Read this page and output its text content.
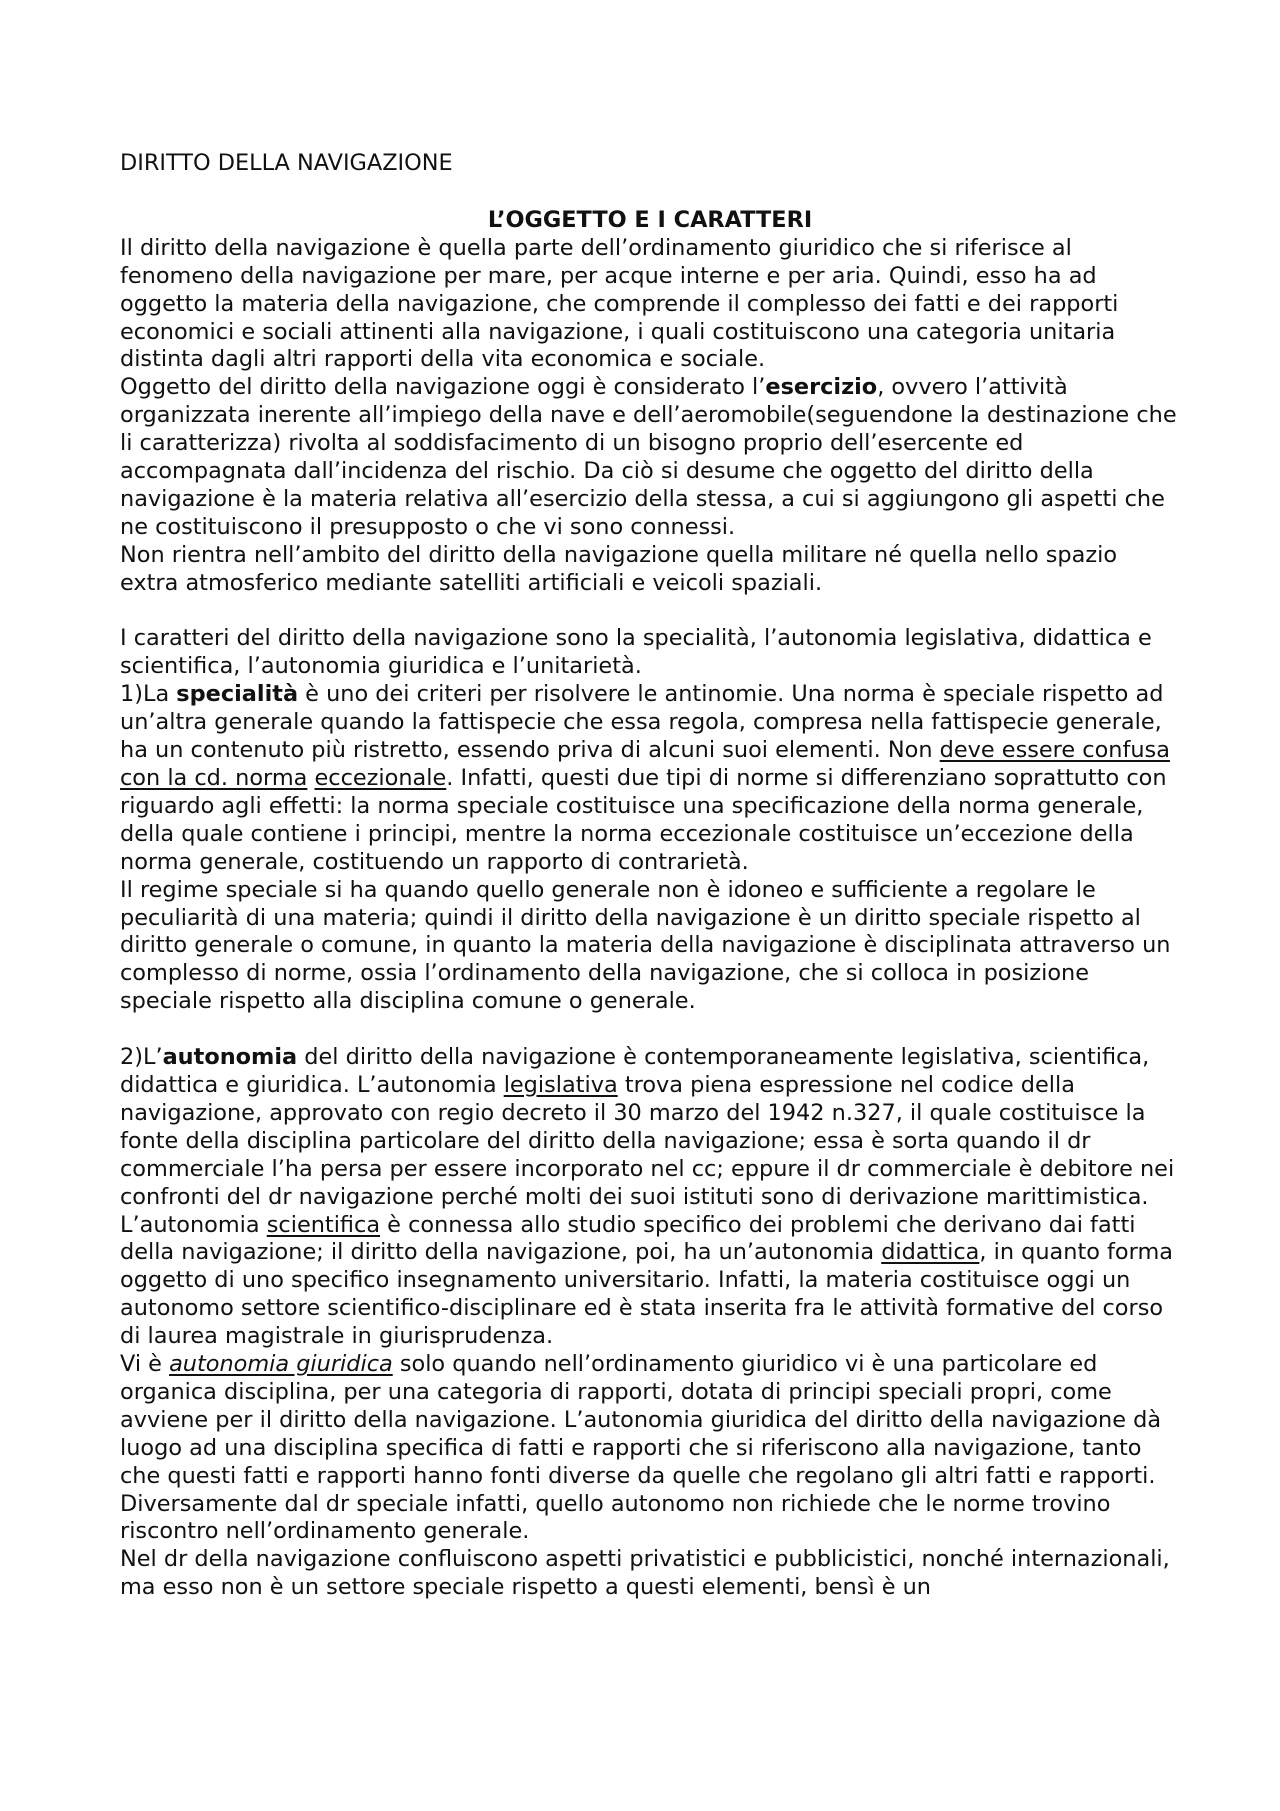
DIRITTO DELLA NAVIGAZIONE
L’OGGETTO E I CARATTERI

Il diritto della navigazione è quella parte dell’ordinamento giuridico che si riferisce al fenomeno della navigazione per mare, per acque interne e per aria. Quindi, esso ha ad oggetto la materia della navigazione, che comprende il complesso dei fatti e dei rapporti economici e sociali attinenti alla navigazione, i quali costituiscono una categoria unitaria distinta dagli altri rapporti della vita economica e sociale.

Oggetto del diritto della navigazione oggi è considerato l’esercizio, ovvero l’attività organizzata inerente all’impiego della nave e dell’aeromobile(seguendone la destinazione che li caratterizza) rivolta al soddisfacimento di un bisogno proprio dell’esercente ed accompagnata dall’incidenza del rischio. Da ciò si desume che oggetto del diritto della navigazione è la materia relativa all’esercizio della stessa, a cui si aggiungono gli aspetti che ne costituiscono il presupposto o che vi sono connessi.

Non rientra nell’ambito del diritto della navigazione quella militare né quella nello spazio extra atmosferico mediante satelliti artificiali e veicoli spaziali.

I caratteri del diritto della navigazione sono la specialità, l’autonomia legislativa, didattica e scientifica, l’autonomia giuridica e l’unitarietà.

1)La specialità è uno dei criteri per risolvere le antinomie. Una norma è speciale rispetto ad un’altra generale quando la fattispecie che essa regola, compresa nella fattispecie generale, ha un contenuto più ristretto, essendo priva di alcuni suoi elementi. Non deve essere confusa con la cd. norma eccezionale. Infatti, questi due tipi di norme si differenziano soprattutto con riguardo agli effetti: la norma speciale costituisce una specificazione della norma generale, della quale contiene i principi, mentre la norma eccezionale costituisce un’eccezione della norma generale, costituendo un rapporto di contrarietà.

Il regime speciale si ha quando quello generale non è idoneo e sufficiente a regolare le peculiarità di una materia; quindi il diritto della navigazione è un diritto speciale rispetto al diritto generale o comune, in quanto la materia della navigazione è disciplinata attraverso un complesso di norme, ossia l’ordinamento della navigazione, che si colloca in posizione speciale rispetto alla disciplina comune o generale.

2)L’autonomia del diritto della navigazione è contemporaneamente legislativa, scientifica, didattica e giuridica. L’autonomia legislativa trova piena espressione nel codice della navigazione, approvato con regio decreto il 30 marzo del 1942 n.327, il quale costituisce la fonte della disciplina particolare del diritto della navigazione; essa è sorta quando il dr commerciale l’ha persa per essere incorporato nel cc; eppure il dr commerciale è debitore nei confronti del dr navigazione perché molti dei suoi istituti sono di derivazione marittimistica. L’autonomia scientifica è connessa allo studio specifico dei problemi che derivano dai fatti della navigazione; il diritto della navigazione, poi, ha un’autonomia didattica, in quanto forma oggetto di uno specifico insegnamento universitario. Infatti, la materia costituisce oggi un autonomo settore scientifico-disciplinare ed è stata inserita fra le attività formative del corso di laurea magistrale in giurisprudenza.

Vi è autonomia giuridica solo quando nell’ordinamento giuridico vi è una particolare ed organica disciplina, per una categoria di rapporti, dotata di principi speciali propri, come avviene per il diritto della navigazione. L’autonomia giuridica del diritto della navigazione dà luogo ad una disciplina specifica di fatti e rapporti che si riferiscono alla navigazione, tanto che questi fatti e rapporti hanno fonti diverse da quelle che regolano gli altri fatti e rapporti. Diversamente dal dr speciale infatti, quello autonomo non richiede che le norme trovino riscontro nell’ordinamento generale.

Nel dr della navigazione confluiscono aspetti privatistici e pubblicistici, nonché internazionali, ma esso non è un settore speciale rispetto a questi elementi, bensì è un
